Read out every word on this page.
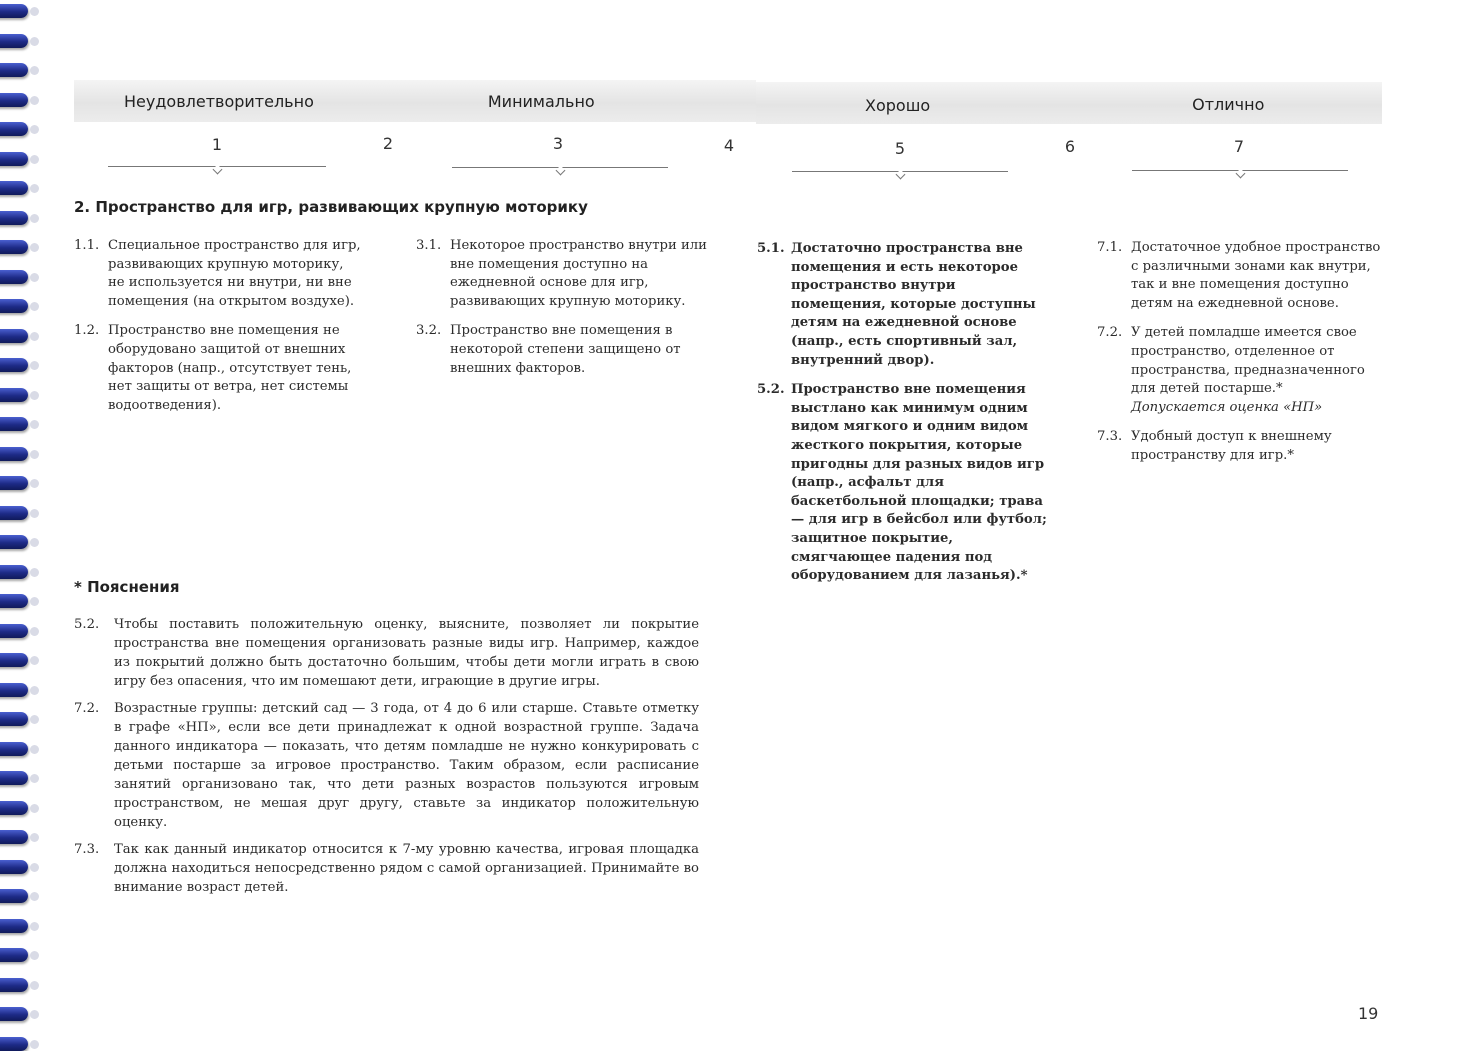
Неудовлетворительно	Минимально	Хорошо	Отлично
1	2	3	4	5	6	7
2. Пространство для игр, развивающих крупную моторику
1.1. Специальное пространство для игр, развивающих крупную моторику, не используется ни внутри, ни вне помещения (на открытом воздухе).
1.2. Пространство вне помещения не оборудовано защитой от внешних факторов (напр., отсутствует тень, нет защиты от ветра, нет системы водоотведения).
3.1. Некоторое пространство внутри или вне помещения доступно на ежедневной основе для игр, развивающих крупную моторику.
3.2. Пространство вне помещения в некоторой степени защищено от внешних факторов.
5.1. Достаточно пространства вне помещения и есть некоторое пространство внутри помещения, которые доступны детям на ежедневной основе (напр., есть спортивный зал, внутренний двор).
5.2. Пространство вне помещения выстлано как минимум одним видом мягкого и одним видом жесткого покрытия, которые пригодны для разных видов игр (напр., асфальт для баскетбольной площадки; трава — для игр в бейсбол или футбол; защитное покрытие, смягчающее падения под оборудованием для лазанья).*
7.1. Достаточное удобное пространство с различными зонами как внутри, так и вне помещения доступно детям на ежедневной основе.
7.2. У детей помладше имеется свое пространство, отделенное от пространства, предназначенного для детей постарше.*
Допускается оценка «НП»
7.3. Удобный доступ к внешнему пространству для игр.*
* Пояснения
5.2.	Чтобы поставить положительную оценку, выясните, позволяет ли покрытие пространства вне помещения организовать разные виды игр. Например, каждое из покрытий должно быть достаточно большим, чтобы дети могли играть в свою игру без опасения, что им помешают дети, играющие в другие игры.
7.2.	Возрастные группы: детский сад — 3 года, от 4 до 6 или старше. Ставьте отметку в графе «НП», если все дети принадлежат к одной возрастной группе. Задача данного индикатора — показать, что детям помладше не нужно конкурировать с детьми постарше за игровое пространство. Таким образом, если расписание занятий организовано так, что дети разных возрастов пользуются игровым пространством, не мешая друг другу, ставьте за индикатор положительную оценку.
7.3.	Так как данный индикатор относится к 7-му уровню качества, игровая площадка должна находиться непосредственно рядом с самой организацией. Принимайте во внимание возраст детей.
19
